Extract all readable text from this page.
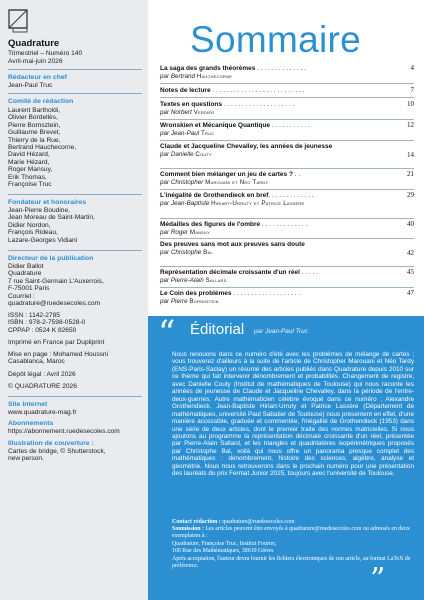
Quadrature
Trimestriel – Numéro 140
Avril-mai-juin 2026
Rédacteur en chef
Jean-Paul Truc
Comité de rédaction
Laurent Bartholdi,
Olivier Bordellès,
Pierre Bornsztein,
Guillaume Brevet,
Thierry de la Rue,
Bertrand Hauchecorne,
David Hézard,
Marie Hézard,
Roger Mansuy,
Erik Thomas,
Françoise Truc
Fondateur et honoraires
Jean-Pierre Boudine,
Jean Moreau de Saint-Martin,
Didier Nordon,
François Rideau,
Lazare-Georges Vidiani
Directeur de la publication
Didier Ballot
Quadrature
7 rue Saint-Germain L'Auxerrois,
F-75001 Paris
Courriel :
quadrature@ruedesecoles.com
ISSN : 1142-2785
ISBN : 978-2-7598-0528-0
CPPAP : 0524 K 82650
Imprimé en France par Dupliprint
Mise en page : Mohamed Houssni
Casablanca, Maroc
Dépôt légal : Avril 2026
© QUADRATURE 2026
Site Internet
www.quadrature-mag.fr
Abonnements
https://abonnement.ruedesecoles.com
Illustration de couverture :
Cartes de bridge, © Shutterstock,
new person.
Sommaire
La saga des grands théorèmes . . . . . . . . . . . . . .	4
par Bertrand Hauchecorne
Notes de lecture . . . . . . . . . . . . . . . . . . . . . . . . . .	7
Textes en questions . . . . . . . . . . . . . . . . . . . .	10
par Norbert Verdier
Wronskien et Mécanique Quantique . . . . . . . . . . .	12
par Jean-Paul Truc
Claude et Jacqueline Chevalley, les années de jeunesse
14
par Danielle Couty
Comment bien mélanger un jeu de cartes ? . .	21
par Christopher Marouani et Néo Tardy
L'inégalité de Grothendieck en bref. . . . . . . . . . . . .	29
par Jean-Baptiste Hiriart-Urruty et Patrice Lassère
Médailles des figures de l'ombre . . . . . . . . . . . . .	40
par Roger Mansuy
Des preuves sans mot aux preuves sans doute
42
par Christophe Bal
Représentation décimale croissante d'un réel . . . . .	45
par Pierre-Alain Sallard
Le Coin des problèmes . . . . . . . . . . . . . . . . . . .	47
par Pierre Bornsztein
“ Éditorial par Jean-Paul Truc
Nous renouons dans ce numéro d'été avec les problèmes de mélange de cartes ; vous trouverez d'ailleurs à la suite de l'article de Christopher Marouani et Néo Tardy (ENS-Paris-Saclay) un résumé des articles publiés dans Quadrature depuis 2010 sur ce thème qui fait intervenir dénombrement et probabilités. Changement de registre, avec Danielle Couty (Institut de mathématiques de Toulouse) qui nous raconte les années de jeunesse de Claude et Jacqueline Chevalley, dans la période de l'entre-deux-guerres. Autre mathématicien célèbre évoqué dans ce numéro : Alexandre Grothendieck. Jean-Baptiste Hiriart-Urruty et Patrice Lassère (Département de mathématiques, université Paul Sabatier de Toulouse) nous présentent en effet, d'une manière accessible, graduée et commentée, l'inégalité de Grothendieck (1953) dans une série de deux articles, dont le premier traite des normes matricielles. Si nous ajoutons au programme la représentation décimale croissante d'un réel, présentée par Pierre-Alain Sallard, et les triangles et quadrilatères isopérimétriques proposés par Christophe Bal, voilà qui nous offre un panorama presque complet des mathématiques : dénombrement, histoire des sciences, algèbre, analyse et géométrie. Nous nous retrouverons dans le prochain numéro pour une présentation des lauréats du prix Fermat Junior 2025, toujours avec l'université de Toulouse.
Contact rédaction : quadrature@ruedesecoles.com
Soumission : Les articles peuvent être envoyés à quadrature@ruedesecoles.com ou adressés en deux exemplaires à :
Quadrature, Françoise Truc, Institut Fourier,
100 Rue des Mathématiques, 38610 Gières
Après acceptation, l'auteur devra fournir les fichiers électroniques de son article, au format LaTeX de préférence.	”
